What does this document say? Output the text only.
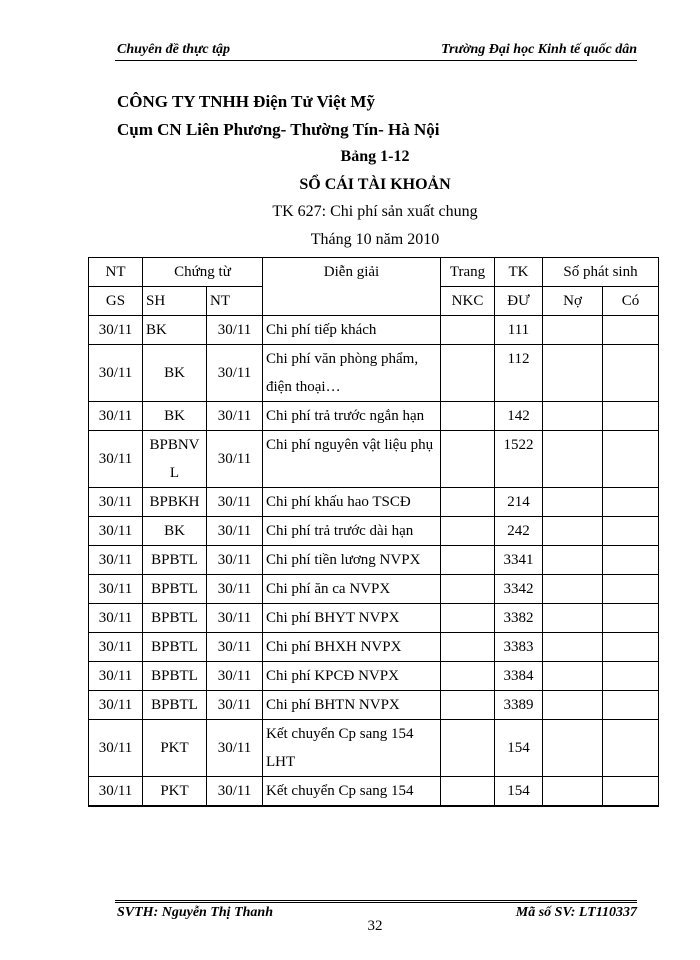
Chuyên đề thực tập	Trường Đại học Kinh tế quốc dân
CÔNG TY TNHH Điện Tử Việt Mỹ
Cụm CN Liên Phương- Thường Tín- Hà Nội
Bảng 1-12
SỔ CÁI TÀI KHOẢN
TK 627: Chi phí sản xuất chung
Tháng 10 năm 2010
NT	Chứng từ		Diễn giải	Trang	TK	Số phát sinh	
GS	SH	NT		NKC	ĐƯ	Nợ	Có
30/11	BK	30/11	Chi phí tiếp khách		111		
30/11	BK	30/11	Chi phí văn phòng phẩm, điện thoại…		112		
30/11	BK	30/11	Chi phí trả trước ngắn hạn		142		
30/11	BPBNVL	30/11	Chi phí nguyên vật liệu phụ		1522		
30/11	BPBKH	30/11	Chi phí khấu hao TSCĐ		214		
30/11	BK	30/11	Chi phí trả trước dài hạn		242		
30/11	BPBTL	30/11	Chi phí tiền lương NVPX		3341		
30/11	BPBTL	30/11	Chi phí ăn ca NVPX		3342		
30/11	BPBTL	30/11	Chi phí BHYT NVPX		3382		
30/11	BPBTL	30/11	Chi phí BHXH NVPX		3383		
30/11	BPBTL	30/11	Chi phí KPCĐ NVPX		3384		
30/11	BPBTL	30/11	Chi phí BHTN NVPX		3389		
30/11	PKT	30/11	Kết chuyển Cp sang 154 LHT		154		
30/11	PKT	30/11	Kết chuyển Cp sang 154		154		

SVTH: Nguyễn Thị Thanh	Mã số SV: LT110337
32
